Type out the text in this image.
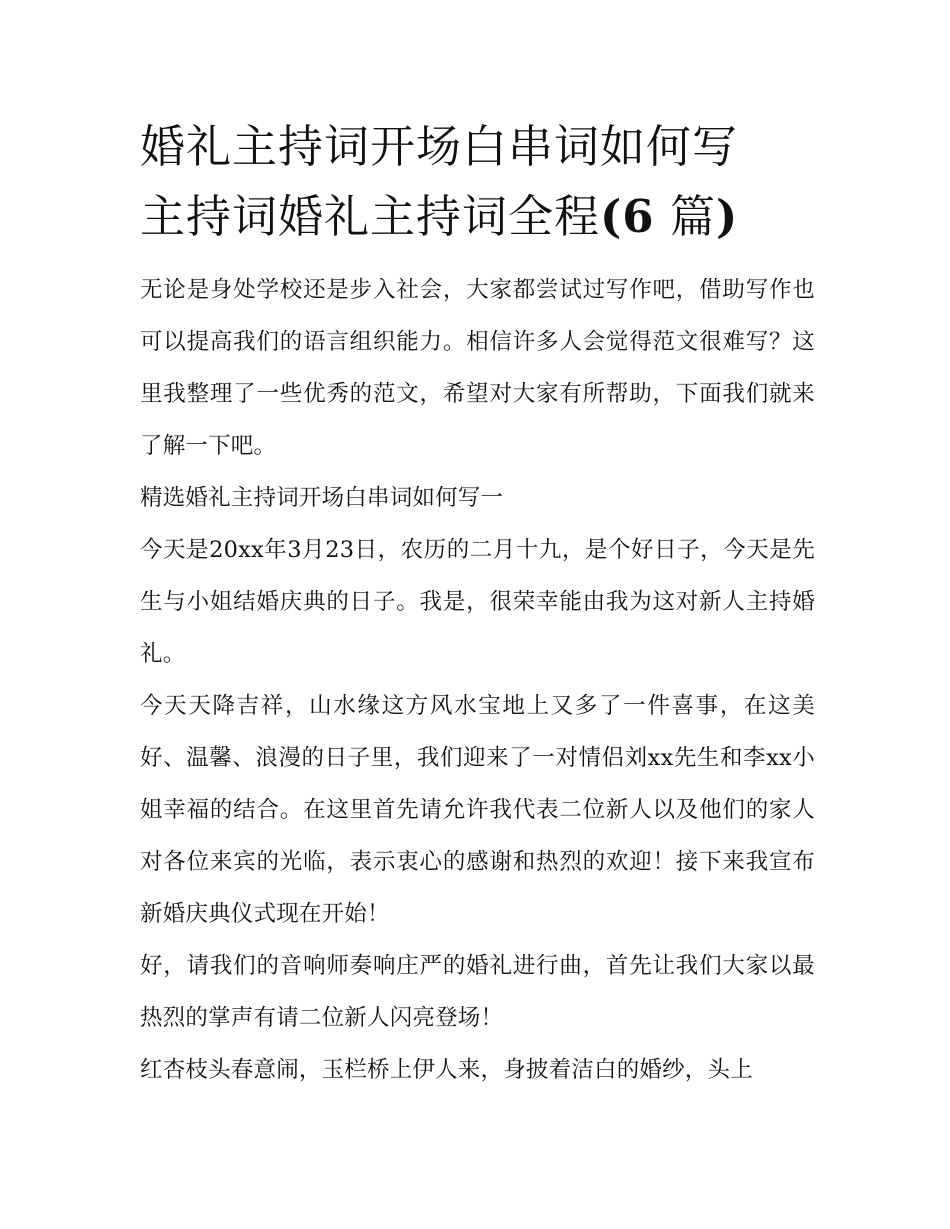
婚礼主持词开场白串词如何写
主持词婚礼主持词全程(6 篇)

无论是身处学校还是步入社会，大家都尝试过写作吧，借助写作也可以提高我们的语言组织能力。相信许多人会觉得范文很难写？这里我整理了一些优秀的范文，希望对大家有所帮助，下面我们就来了解一下吧。

精选婚礼主持词开场白串词如何写一

今天是20xx年3月23日，农历的二月十九，是个好日子，今天是先生与小姐结婚庆典的日子。我是，很荣幸能由我为这对新人主持婚礼。

今天天降吉祥，山水缘这方风水宝地上又多了一件喜事，在这美好、温馨、浪漫的日子里，我们迎来了一对情侣刘xx先生和李xx小姐幸福的结合。在这里首先请允许我代表二位新人以及他们的家人对各位来宾的光临，表示衷心的感谢和热烈的欢迎！接下来我宣布新婚庆典仪式现在开始！

好，请我们的音响师奏响庄严的婚礼进行曲，首先让我们大家以最热烈的掌声有请二位新人闪亮登场！

红杏枝头春意闹，玉栏桥上伊人来，身披着洁白的婚纱，头上
